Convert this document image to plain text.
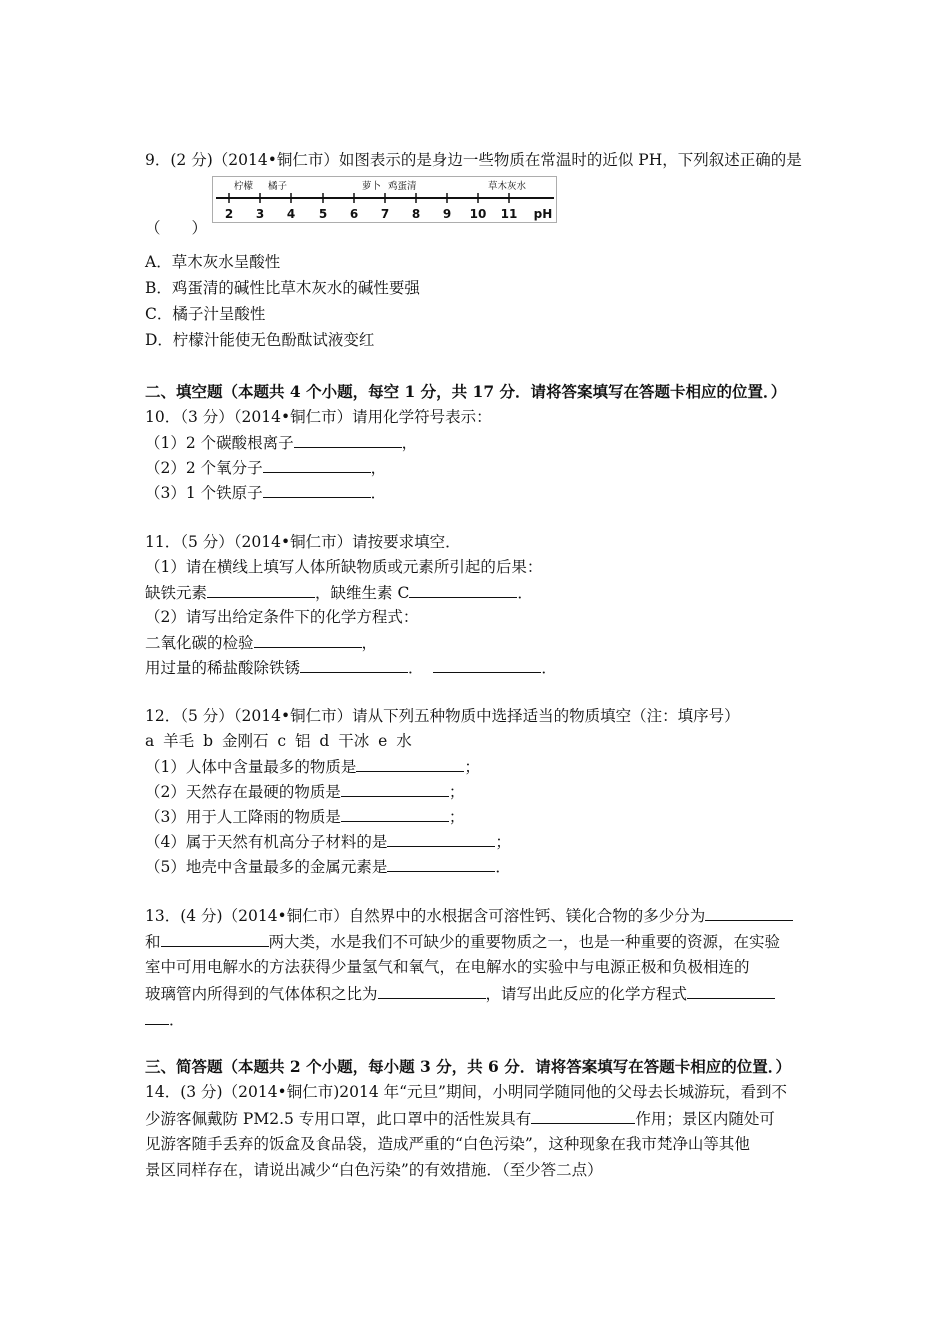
9．(2 分)（2014•铜仁市）如图表示的是身边一些物质在常温时的近似 PH，下列叙述正确的是
柠檬 橘子	萝卜 鸡蛋清	草木灰水
2 3 4 5 6 7 8 9 10 11 pH
（　　）
A．草木灰水呈酸性
B．鸡蛋清的碱性比草木灰水的碱性要强
C．橘子汁呈酸性
D．柠檬汁能使无色酚酞试液变红
二、填空题（本题共 4 个小题，每空 1 分，共 17 分．请将答案填写在答题卡相应的位置．）
10．（3 分）（2014•铜仁市）请用化学符号表示：
（1）2 个碳酸根离子	，
（2）2 个氧分子	，
（3）1 个铁原子	．
11．（5 分）（2014•铜仁市）请按要求填空．
（1）请在横线上填写人体所缺物质或元素所引起的后果：
缺铁元素	，缺维生素 C	．
（2）请写出给定条件下的化学方程式：
二氧化碳的检验	，
用过量的稀盐酸除铁锈	．	．
12．（5 分）（2014•铜仁市）请从下列五种物质中选择适当的物质填空（注：填序号）
a 羊毛 b 金刚石 c 铝 d 干冰 e 水
（1）人体中含量最多的物质是	；
（2）天然存在最硬的物质是	；
（3）用于人工降雨的物质是	；
（4）属于天然有机高分子材料的是	；
（5）地壳中含量最多的金属元素是	．
13．(4 分)（2014•铜仁市）自然界中的水根据含可溶性钙、镁化合物的多少分为
和	两大类，水是我们不可缺少的重要物质之一，也是一种重要的资源，在实验
室中可用电解水的方法获得少量氢气和氧气，在电解水的实验中与电源正极和负极相连的
玻璃管内所得到的气体体积之比为	，请写出此反应的化学方程式
．
三、简答题（本题共 2 个小题，每小题 3 分，共 6 分．请将答案填写在答题卡相应的位置．）
14．(3 分)（2014•铜仁市)2014 年“元旦”期间，小明同学随同他的父母去长城游玩，看到不
少游客佩戴防 PM2.5 专用口罩，此口罩中的活性炭具有	作用；景区内随处可
见游客随手丢弃的饭盒及食品袋，造成严重的“白色污染”，这种现象在我市梵净山等其他
景区同样存在，请说出减少“白色污染”的有效措施．（至少答二点）
